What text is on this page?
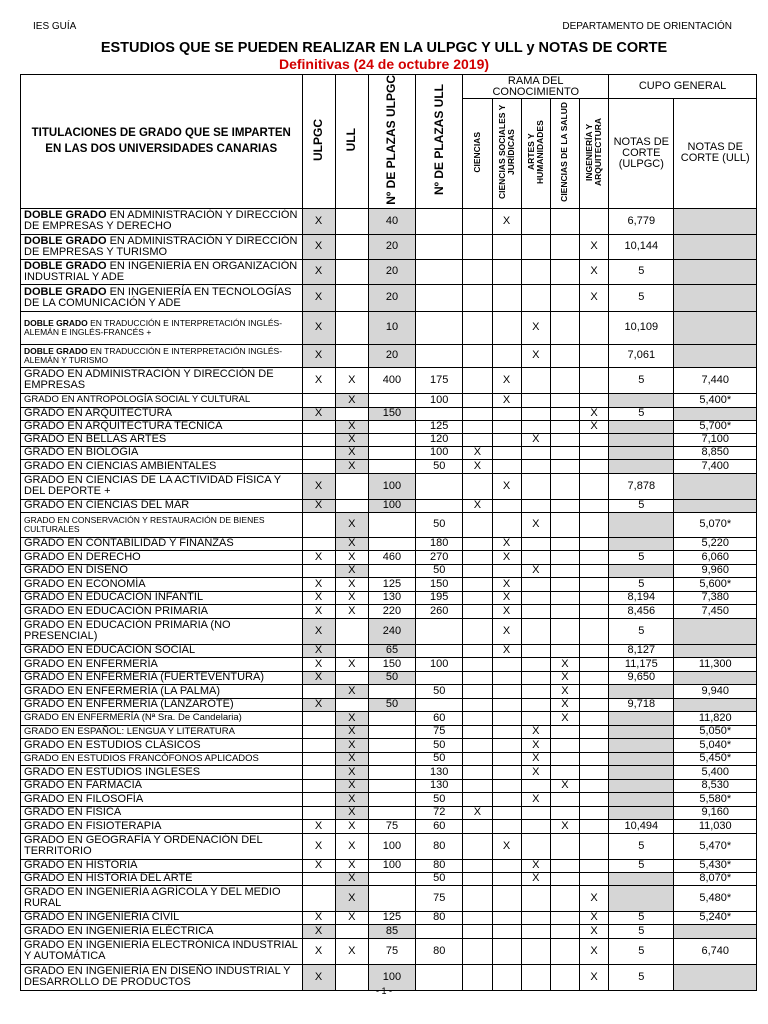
IES GUÍA	DEPARTAMENTO DE ORIENTACIÓN
ESTUDIOS QUE SE PUEDEN REALIZAR EN LA ULPGC Y ULL y NOTAS DE CORTE
Definitivas (24 de octubre 2019)
TITULACIONES DE GRADO QUE SE IMPARTEN EN LAS DOS UNIVERSIDADES CANARIAS	ULPGC	ULL	Nº DE PLAZAS ULPGC	Nº DE PLAZAS ULL	RAMA DEL CONOCIMIENTO					CUPO GENERAL	
					CIENCIAS	CIENCIAS SOCIALES Y JURÍDICAS	ARTES Y HUMANIDADES	CIENCIAS DE LA SALUD	INGENIERÍA Y ARQUITECTURA	NOTAS DE CORTE (ULPGC)	NOTAS DE CORTE (ULL)
DOBLE GRADO EN ADMINISTRACIÓN Y DIRECCIÓN DE EMPRESAS Y DERECHO	X		40			X				6,779	
DOBLE GRADO EN ADMINISTRACIÓN Y DIRECCIÓN DE EMPRESAS Y TURISMO	X		20						X	10,144	
DOBLE GRADO EN INGENIERÍA EN ORGANIZACIÓN INDUSTRIAL Y ADE	X		20						X	5	
DOBLE GRADO EN INGENIERÍA EN TECNOLOGÍAS DE LA COMUNICACIÓN Y ADE	X		20						X	5	
DOBLE GRADO EN TRADUCCIÓN E INTERPRETACIÓN INGLÉS-ALEMÁN E INGLÉS-FRANCÉS +	X		10				X			10,109	
DOBLE GRADO EN TRADUCCIÓN E INTERPRETACIÓN INGLÉS-ALEMÁN Y TURISMO	X		20				X			7,061	
GRADO EN ADMINISTRACIÓN Y DIRECCIÓN DE EMPRESAS	X	X	400	175		X				5	7,440
GRADO EN ANTROPOLOGÍA SOCIAL Y CULTURAL		X		100		X					5,400*
GRADO EN ARQUITECTURA	X		150						X	5	
GRADO EN ARQUITECTURA TÉCNICA		X		125					X		5,700*
GRADO EN BELLAS ARTES		X		120			X				7,100
GRADO EN BIOLOGÍA		X		100	X						8,850
GRADO EN CIENCIAS AMBIENTALES		X		50	X						7,400
GRADO EN CIENCIAS DE LA ACTIVIDAD FÍSICA Y DEL DEPORTE +	X		100			X				7,878	
GRADO EN CIENCIAS DEL MAR	X		100		X					5	
GRADO EN CONSERVACIÓN Y RESTAURACIÓN DE BIENES CULTURALES		X		50			X				5,070*
GRADO EN CONTABILIDAD Y FINANZAS		X		180		X					5,220
GRADO EN DERECHO	X	X	460	270		X				5	6,060
GRADO EN DISEÑO		X		50			X				9,960
GRADO EN ECONOMÍA	X	X	125	150		X				5	5,600*
GRADO EN EDUCACIÓN INFANTIL	X	X	130	195		X				8,194	7,380
GRADO EN EDUCACIÓN PRIMARIA	X	X	220	260		X				8,456	7,450
GRADO EN EDUCACIÓN PRIMARIA (NO PRESENCIAL)	X		240			X				5	
GRADO EN EDUCACIÓN SOCIAL	X		65			X				8,127	
GRADO EN ENFERMERÍA	X	X	150	100				X		11,175	11,300
GRADO EN ENFERMERÍA (FUERTEVENTURA)	X		50					X		9,650	
GRADO EN ENFERMERÍA (LA PALMA)		X		50				X			9,940
GRADO EN ENFERMERÍA (LANZAROTE)	X		50					X		9,718	
GRADO EN ENFERMERÍA (Nª Sra. De Candelaria)		X		60				X			11,820
GRADO EN ESPAÑOL: LENGUA Y LITERATURA		X		75			X				5,050*
GRADO EN ESTUDIOS CLÁSICOS		X		50			X				5,040*
GRADO EN ESTUDIOS FRANCÓFONOS APLICADOS		X		50			X				5,450*
GRADO EN ESTUDIOS INGLESES		X		130			X				5,400
GRADO EN FARMACIA		X		130				X			8,530
GRADO EN FILOSOFÍA		X		50			X				5,580*
GRADO EN FÍSICA		X		72	X						9,160
GRADO EN FISIOTERAPIA	X	X	75	60				X		10,494	11,030
GRADO EN GEOGRAFÍA Y ORDENACIÓN DEL TERRITORIO	X	X	100	80		X				5	5,470*
GRADO EN HISTORIA	X	X	100	80			X			5	5,430*
GRADO EN HISTORIA DEL ARTE		X		50			X				8,070*
GRADO EN INGENIERÍA AGRÍCOLA Y DEL MEDIO RURAL		X		75					X		5,480*
GRADO EN INGENIERÍA CIVIL	X	X	125	80					X	5	5,240*
GRADO EN INGENIERÍA ELÉCTRICA	X		85						X	5	
GRADO EN INGENIERÍA ELECTRÓNICA INDUSTRIAL Y AUTOMÁTICA	X	X	75	80					X	5	6,740
GRADO EN INGENIERÍA EN DISEÑO INDUSTRIAL Y DESARROLLO DE PRODUCTOS	X		100						X	5	
- 1 -
